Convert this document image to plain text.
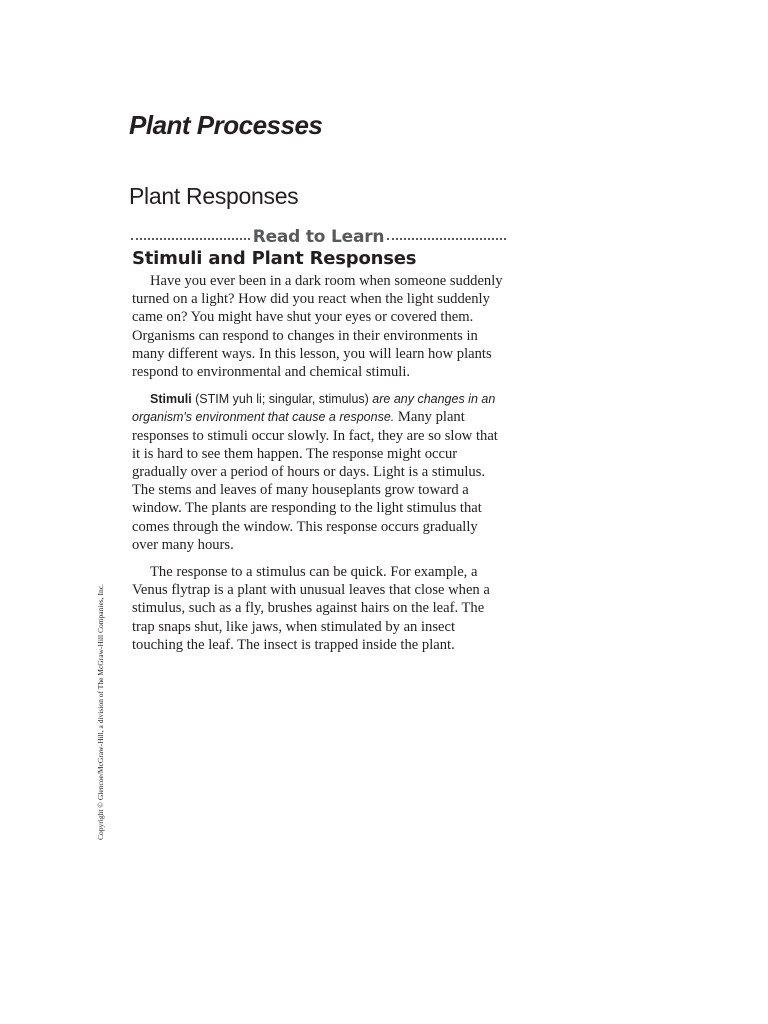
Plant Processes
Plant Responses
Read to Learn
Stimuli and Plant Responses

Have you ever been in a dark room when someone suddenly turned on a light? How did you react when the light suddenly came on? You might have shut your eyes or covered them. Organisms can respond to changes in their environments in many different ways. In this lesson, you will learn how plants respond to environmental and chemical stimuli.

Stimuli (STIM yuh li; singular, stimulus) are any changes in an organism's environment that cause a response. Many plant responses to stimuli occur slowly. In fact, they are so slow that it is hard to see them happen. The response might occur gradually over a period of hours or days. Light is a stimulus. The stems and leaves of many houseplants grow toward a window. The plants are responding to the light stimulus that comes through the window. This response occurs gradually over many hours.

The response to a stimulus can be quick. For example, a Venus flytrap is a plant with unusual leaves that close when a stimulus, such as a fly, brushes against hairs on the leaf. The trap snaps shut, like jaws, when stimulated by an insect touching the leaf. The insect is trapped inside the plant.

Copyright © Glencoe/McGraw-Hill, a division of The McGraw-Hill Companies, Inc.
